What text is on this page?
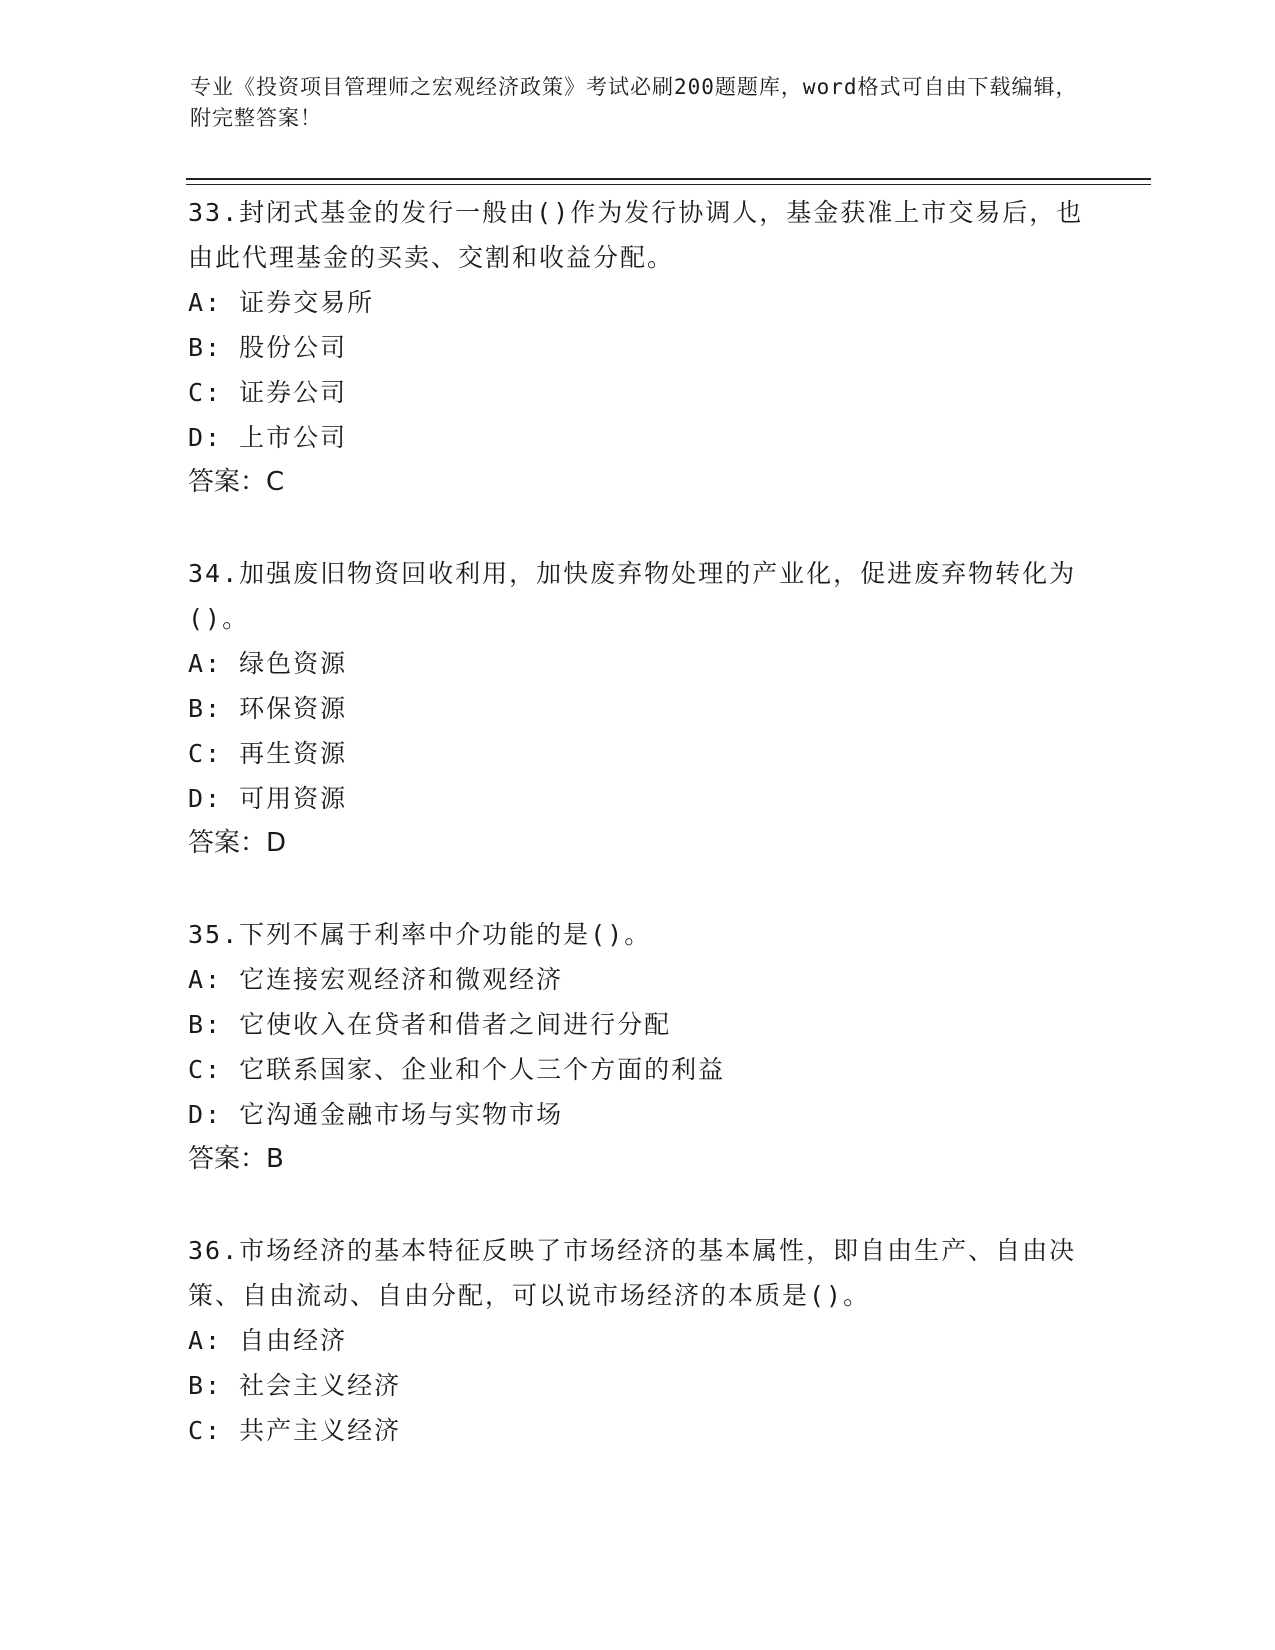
专业《投资项目管理师之宏观经济政策》考试必刷200题题库，word格式可自由下载编辑，附完整答案！
33.封闭式基金的发行一般由()作为发行协调人，基金获准上市交易后，也由此代理基金的买卖、交割和收益分配。
A: 证券交易所
B: 股份公司
C: 证券公司
D: 上市公司
答案：C
34.加强废旧物资回收利用，加快废弃物处理的产业化，促进废弃物转化为()。
A: 绿色资源
B: 环保资源
C: 再生资源
D: 可用资源
答案：D
35.下列不属于利率中介功能的是()。
A: 它连接宏观经济和微观经济
B: 它使收入在贷者和借者之间进行分配
C: 它联系国家、企业和个人三个方面的利益
D: 它沟通金融市场与实物市场
答案：B
36.市场经济的基本特征反映了市场经济的基本属性，即自由生产、自由决策、自由流动、自由分配，可以说市场经济的本质是()。
A: 自由经济
B: 社会主义经济
C: 共产主义经济
